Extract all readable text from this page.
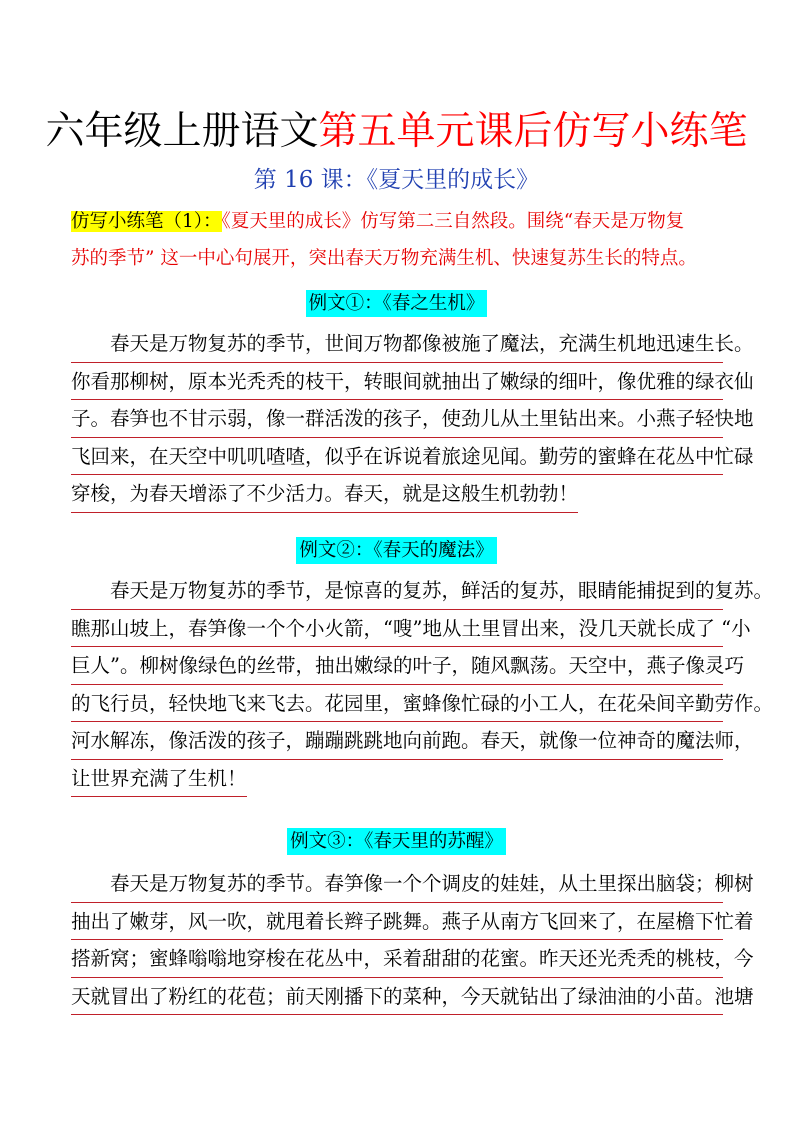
六年级上册语文第五单元课后仿写小练笔
第 16 课：《夏天里的成长》
仿写小练笔（1）：《夏天里的成长》仿写第二三自然段。围绕“春天是万物复
苏的季节” 这一中心句展开，突出春天万物充满生机、快速复苏生长的特点。
例文①：《春之生机》
　　春天是万物复苏的季节，世间万物都像被施了魔法，充满生机地迅速生长。
你看那柳树，原本光秃秃的枝干，转眼间就抽出了嫩绿的细叶，像优雅的绿衣仙
子。春笋也不甘示弱，像一群活泼的孩子，使劲儿从土里钻出来。小燕子轻快地
飞回来，在天空中叽叽喳喳，似乎在诉说着旅途见闻。勤劳的蜜蜂在花丛中忙碌
穿梭，为春天增添了不少活力。春天，就是这般生机勃勃！
例文②：《春天的魔法》
　　春天是万物复苏的季节，是惊喜的复苏，鲜活的复苏，眼睛能捕捉到的复苏。
瞧那山坡上，春笋像一个个小火箭，“嗖”地从土里冒出来，没几天就长成了 “小
巨人”。柳树像绿色的丝带，抽出嫩绿的叶子，随风飘荡。天空中，燕子像灵巧
的飞行员，轻快地飞来飞去。花园里，蜜蜂像忙碌的小工人，在花朵间辛勤劳作。
河水解冻，像活泼的孩子，蹦蹦跳跳地向前跑。春天，就像一位神奇的魔法师，
让世界充满了生机！
例文③：《春天里的苏醒》
　　春天是万物复苏的季节。春笋像一个个调皮的娃娃，从土里探出脑袋；柳树
抽出了嫩芽，风一吹，就甩着长辫子跳舞。燕子从南方飞回来了，在屋檐下忙着
搭新窝；蜜蜂嗡嗡地穿梭在花丛中，采着甜甜的花蜜。昨天还光秃秃的桃枝，今
天就冒出了粉红的花苞；前天刚播下的菜种，今天就钻出了绿油油的小苗。池塘
